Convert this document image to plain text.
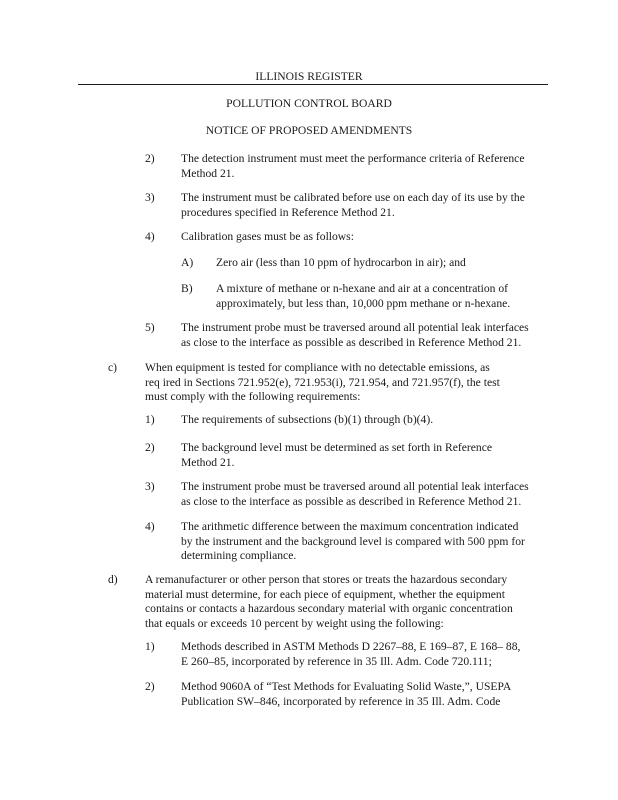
ILLINOIS REGISTER
POLLUTION CONTROL BOARD
NOTICE OF PROPOSED AMENDMENTS
2) The detection instrument must meet the performance criteria of Reference
Method 21.
3) The instrument must be calibrated before use on each day of its use by the
procedures specified in Reference Method 21.
4) Calibration gases must be as follows:
A) Zero air (less than 10 ppm of hydrocarbon in air); and
B) A mixture of methane or n-hexane and air at a concentration of
approximately, but less than, 10,000 ppm methane or n-hexane.
5) The instrument probe must be traversed around all potential leak interfaces
as close to the interface as possible as described in Reference Method 21.
c) When equipment is tested for compliance with no detectable emissions, as
req ired in Sections 721.952(e), 721.953(i), 721.954, and 721.957(f), the test
must comply with the following requirements:
1) The requirements of subsections (b)(1) through (b)(4).
2) The background level must be determined as set forth in Reference
Method 21.
3) The instrument probe must be traversed around all potential leak interfaces
as close to the interface as possible as described in Reference Method 21.
4) The arithmetic difference between the maximum concentration indicated
by the instrument and the background level is compared with 500 ppm for
determining compliance.
d) A remanufacturer or other person that stores or treats the hazardous secondary
material must determine, for each piece of equipment, whether the equipment
contains or contacts a hazardous secondary material with organic concentration
that equals or exceeds 10 percent by weight using the following:
1) Methods described in ASTM Methods D 2267–88, E 169–87, E 168– 88,
E 260–85, incorporated by reference in 35 Ill. Adm. Code 720.111;
2) Method 9060A of “Test Methods for Evaluating Solid Waste,”, USEPA
Publication SW–846, incorporated by reference in 35 Ill. Adm. Code
